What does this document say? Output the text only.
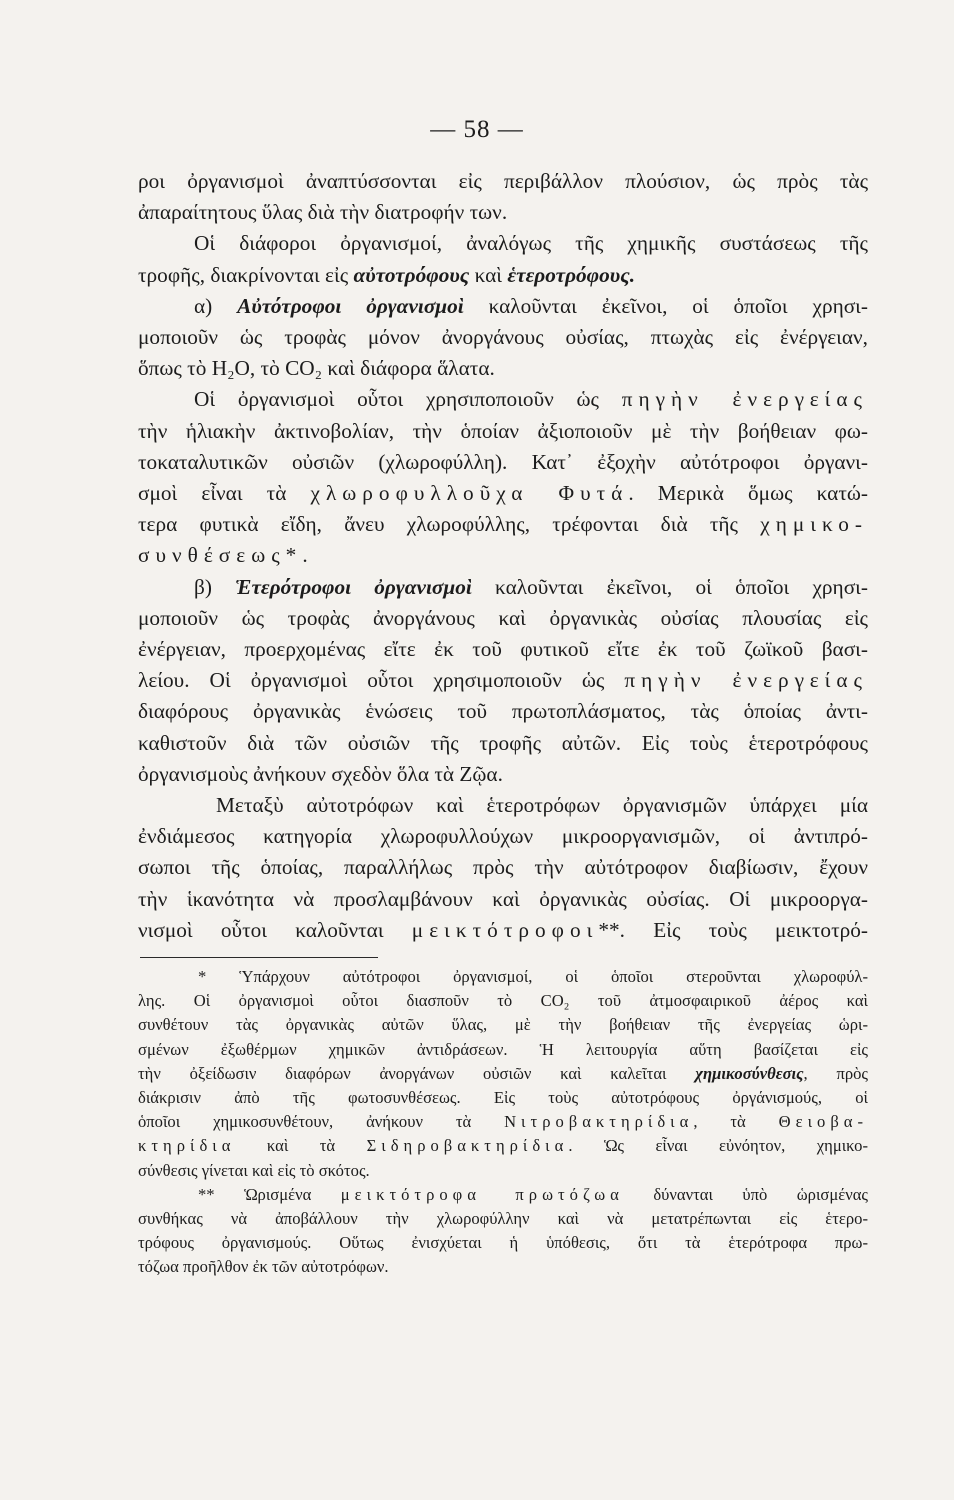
— 58 —
ροι ὀργανισμοὶ ἀναπτύσσονται εἰς περιβάλλον πλούσιον, ὡς πρὸς τὰς
ἀπαραίτητους ὕλας διὰ τὴν διατροφήν των.
Οἱ διάφοροι ὀργανισμοί, ἀναλόγως τῆς χημικῆς συστάσεως τῆς
τροφῆς, διακρίνονται εἰς αὐτοτρόφους καὶ ἑτεροτρόφους.
α) Αὐτότροφοι ὀργανισμοὶ καλοῦνται ἐκεῖνοι, οἱ ὁποῖοι χρησι-
μοποιοῦν ὡς τροφὰς μόνον ἀνοργάνους οὐσίας, πτωχὰς εἰς ἐνέργειαν,
ὅπως τὸ H₂O, τὸ CO₂ καὶ διάφορα ἅλατα.
Οἱ ὀργανισμοὶ οὗτοι χρησιποποιοῦν ὡς πηγὴν ἐνεργείας
τὴν ἡλιακὴν ἀκτινοβολίαν, τὴν ὁποίαν ἀξιοποιοῦν μὲ τὴν βοήθειαν φω-
τοκαταλυτικῶν οὐσιῶν (χλωροφύλλη). Κατ᾽ ἐξοχὴν αὐτότροφοι ὀργανι-
σμοὶ εἶναι τὰ χλωροφυλλοῦχα Φυτά. Μερικὰ ὅμως κατώ-
τερα φυτικὰ εἴδη, ἄνευ χλωροφύλλης, τρέφονται διὰ τῆς χημικο-
συνθέσεως*.
β) Ἑτερότροφοι ὀργανισμοὶ καλοῦνται ἐκεῖνοι, οἱ ὁποῖοι χρησι-
μοποιοῦν ὡς τροφὰς ἀνοργάνους καὶ ὀργανικὰς οὐσίας πλουσίας εἰς
ἐνέργειαν, προερχομένας εἴτε ἐκ τοῦ φυτικοῦ εἴτε ἐκ τοῦ ζωϊκοῦ βασι-
λείου. Οἱ ὀργανισμοὶ οὗτοι χρησιμοποιοῦν ὡς πηγὴν ἐνεργείας
διαφόρους ὀργανικὰς ἑνώσεις τοῦ πρωτοπλάσματος, τὰς ὁποίας ἀντι-
καθιστοῦν διὰ τῶν οὐσιῶν τῆς τροφῆς αὐτῶν. Εἰς τοὺς ἑτεροτρόφους
ὀργανισμοὺς ἀνήκουν σχεδὸν ὅλα τὰ Ζῷα.
Μεταξὺ αὐτοτρόφων καὶ ἑτεροτρόφων ὀργανισμῶν ὑπάρχει μία
ἐνδιάμεσος κατηγορία χλωροφυλλούχων μικροοργανισμῶν, οἱ ἀντιπρό-
σωποι τῆς ὁποίας, παραλλήλως πρὸς τὴν αὐτότροφον διαβίωσιν, ἔχουν
τὴν ἱκανότητα νὰ προσλαμβάνουν καὶ ὀργανικὰς οὐσίας. Οἱ μικροοργα-
νισμοὶ οὗτοι καλοῦνται μεικτότροφοι**. Εἰς τοὺς μεικτοτρό-
* Ὑπάρχουν αὐτότροφοι ὀργανισμοί, οἱ ὁποῖοι στεροῦνται χλωροφύλ-
λης. Οἱ ὀργανισμοὶ οὗτοι διασποῦν τὸ CO₂ τοῦ ἀτμοσφαιρικοῦ ἀέρος καὶ
συνθέτουν τὰς ὀργανικὰς αὐτῶν ὕλας, μὲ τὴν βοήθειαν τῆς ἐνεργείας ὡρι-
σμένων ἐξωθέρμων χημικῶν ἀντιδράσεων. Ἡ λειτουργία αὕτη βασίζεται εἰς
τὴν ὀξείδωσιν διαφόρων ἀνοργάνων οὐσιῶν καὶ καλεῖται χημικοσύνθεσις, πρὸς
διάκρισιν ἀπὸ τῆς φωτοσυνθέσεως. Εἰς τοὺς αὐτοτρόφους ὀργάνισμούς, οἱ
ὁποῖοι χημικοσυνθέτουν, ἀνήκουν τὰ Νιτροβακτηρίδια, τὰ Θειοβα-
κτηρίδια καὶ τὰ Σιδηροβακτηρίδια. Ὡς εἶναι εὐνόητον, χημικο-
σύνθεσις γίνεται καὶ εἰς τὸ σκότος.
** Ὡρισμένα μεικτότροφα πρωτόζωα δύνανται ὑπὸ ὡρισμένας
συνθήκας νὰ ἀποβάλλουν τὴν χλωροφύλλην καὶ νὰ μετατρέπωνται εἰς ἑτερο-
τρόφους ὀργανισμούς. Οὕτως ἐνισχύεται ἡ ὑπόθεσις, ὅτι τὰ ἑτερότροφα πρω-
τόζωα προῆλθον ἐκ τῶν αὐτοτρόφων.
